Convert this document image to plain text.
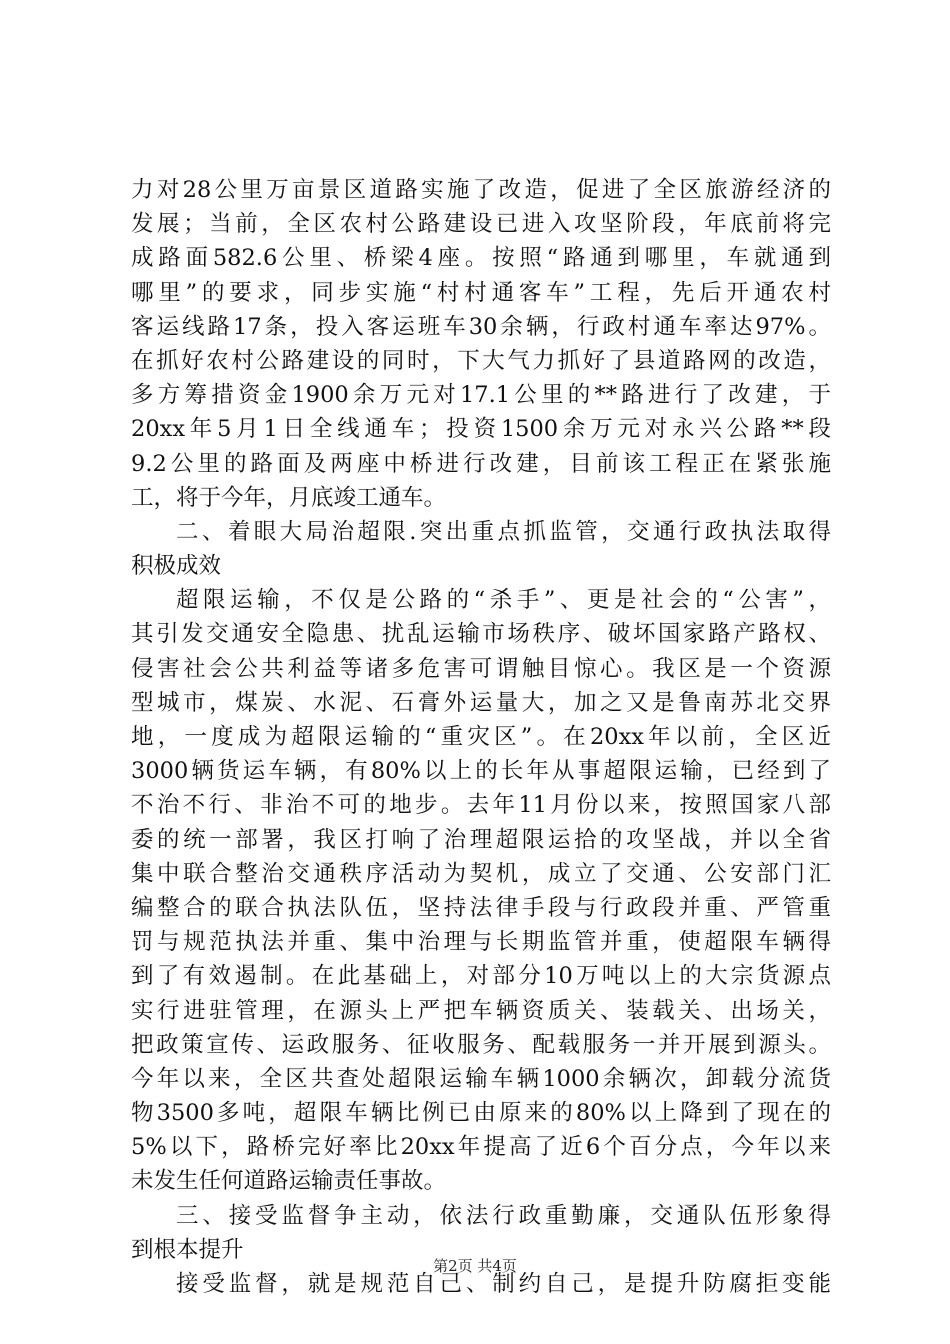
力对28公里万亩景区道路实施了改造，促进了全区旅游经济的
发展；当前，全区农村公路建设已进入攻坚阶段，年底前将完
成路面582.6公里、桥梁4座。按照“路通到哪里，车就通到
哪里”的要求，同步实施“村村通客车”工程，先后开通农村
客运线路17条，投入客运班车30余辆，行政村通车率达97%。
在抓好农村公路建设的同时，下大气力抓好了县道路网的改造，
多方筹措资金1900余万元对17.1公里的**路进行了改建，于
20xx年5月1日全线通车；投资1500余万元对永兴公路**段
9.2公里的路面及两座中桥进行改建，目前该工程正在紧张施
工，将于今年，月底竣工通车。
二、着眼大局治超限.突出重点抓监管，交通行政执法取得
积极成效
超限运输，不仅是公路的“杀手”、更是社会的“公害”，
其引发交通安全隐患、扰乱运输市场秩序、破坏国家路产路权、
侵害社会公共利益等诸多危害可谓触目惊心。我区是一个资源
型城市，煤炭、水泥、石膏外运量大，加之又是鲁南苏北交界
地，一度成为超限运输的“重灾区”。在20xx年以前，全区近
3000辆货运车辆，有80%以上的长年从事超限运输，已经到了
不治不行、非治不可的地步。去年11月份以来，按照国家八部
委的统一部署，我区打响了治理超限运拾的攻坚战，并以全省
集中联合整治交通秩序活动为契机，成立了交通、公安部门汇
编整合的联合执法队伍，坚持法律手段与行政段并重、严管重
罚与规范执法并重、集中治理与长期监管并重，使超限车辆得
到了有效遏制。在此基础上，对部分10万吨以上的大宗货源点
实行进驻管理，在源头上严把车辆资质关、装载关、出场关，
把政策宣传、运政服务、征收服务、配载服务一并开展到源头。
今年以来，全区共查处超限运输车辆1000余辆次，卸载分流货
物3500多吨，超限车辆比例已由原来的80%以上降到了现在的
5%以下，路桥完好率比20xx年提高了近6个百分点，今年以来
未发生任何道路运输责任事故。
三、接受监督争主动，依法行政重勤廉，交通队伍形象得
到根本提升
接受监督，就是规范自己、制约自己，是提升防腐拒变能
第2页 共4页
